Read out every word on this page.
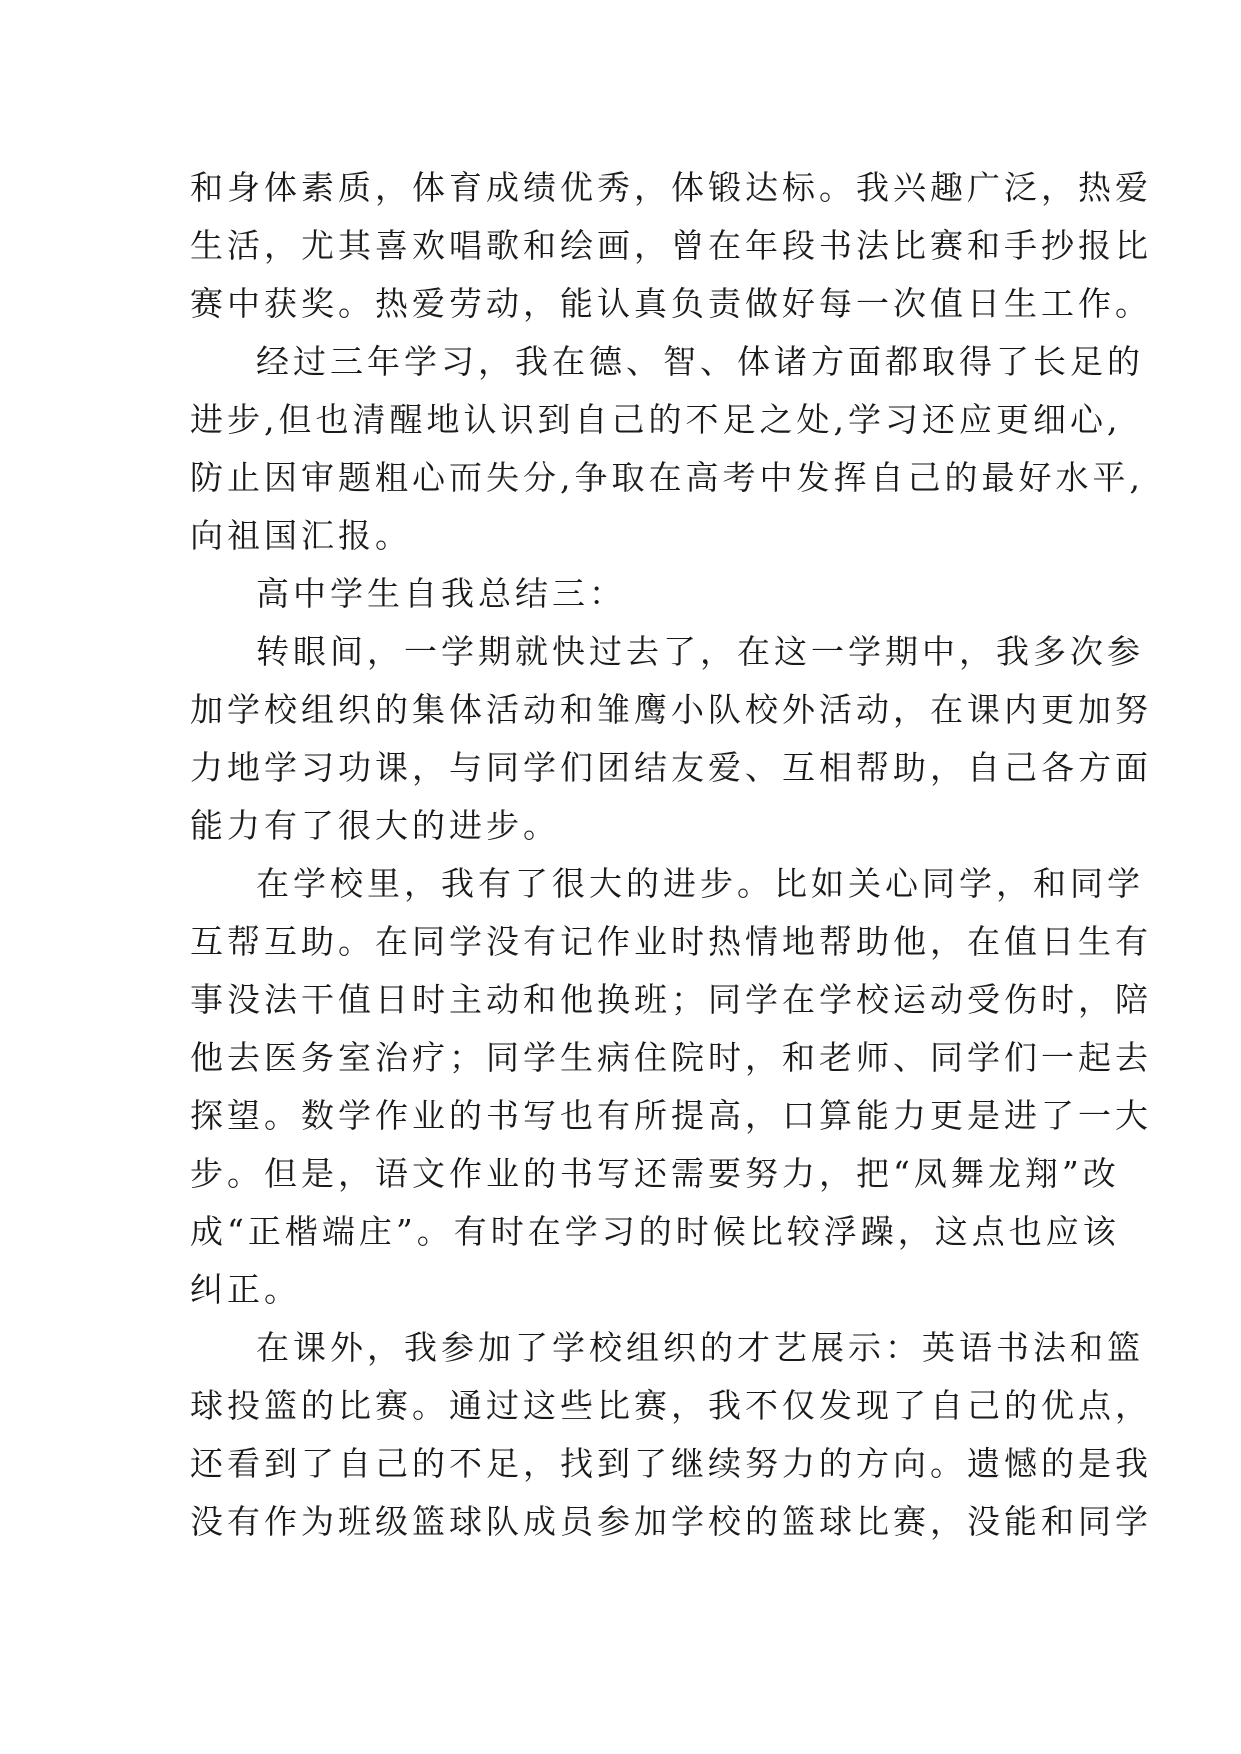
和身体素质，体育成绩优秀，体锻达标。我兴趣广泛，热爱
生活，尤其喜欢唱歌和绘画，曾在年段书法比赛和手抄报比
赛中获奖。热爱劳动，能认真负责做好每一次值日生工作。
经过三年学习，我在德、智、体诸方面都取得了长足的
进步,但也清醒地认识到自己的不足之处,学习还应更细心,
防止因审题粗心而失分,争取在高考中发挥自己的最好水平,
向祖国汇报。
高中学生自我总结三：
转眼间，一学期就快过去了，在这一学期中，我多次参
加学校组织的集体活动和雏鹰小队校外活动，在课内更加努
力地学习功课，与同学们团结友爱、互相帮助，自己各方面
能力有了很大的进步。
在学校里，我有了很大的进步。比如关心同学，和同学
互帮互助。在同学没有记作业时热情地帮助他，在值日生有
事没法干值日时主动和他换班；同学在学校运动受伤时，陪
他去医务室治疗；同学生病住院时，和老师、同学们一起去
探望。数学作业的书写也有所提高，口算能力更是进了一大
步。但是，语文作业的书写还需要努力，把“凤舞龙翔”改
成“正楷端庄”。有时在学习的时候比较浮躁，这点也应该
纠正。
在课外，我参加了学校组织的才艺展示：英语书法和篮
球投篮的比赛。通过这些比赛，我不仅发现了自己的优点，
还看到了自己的不足，找到了继续努力的方向。遗憾的是我
没有作为班级篮球队成员参加学校的篮球比赛，没能和同学
